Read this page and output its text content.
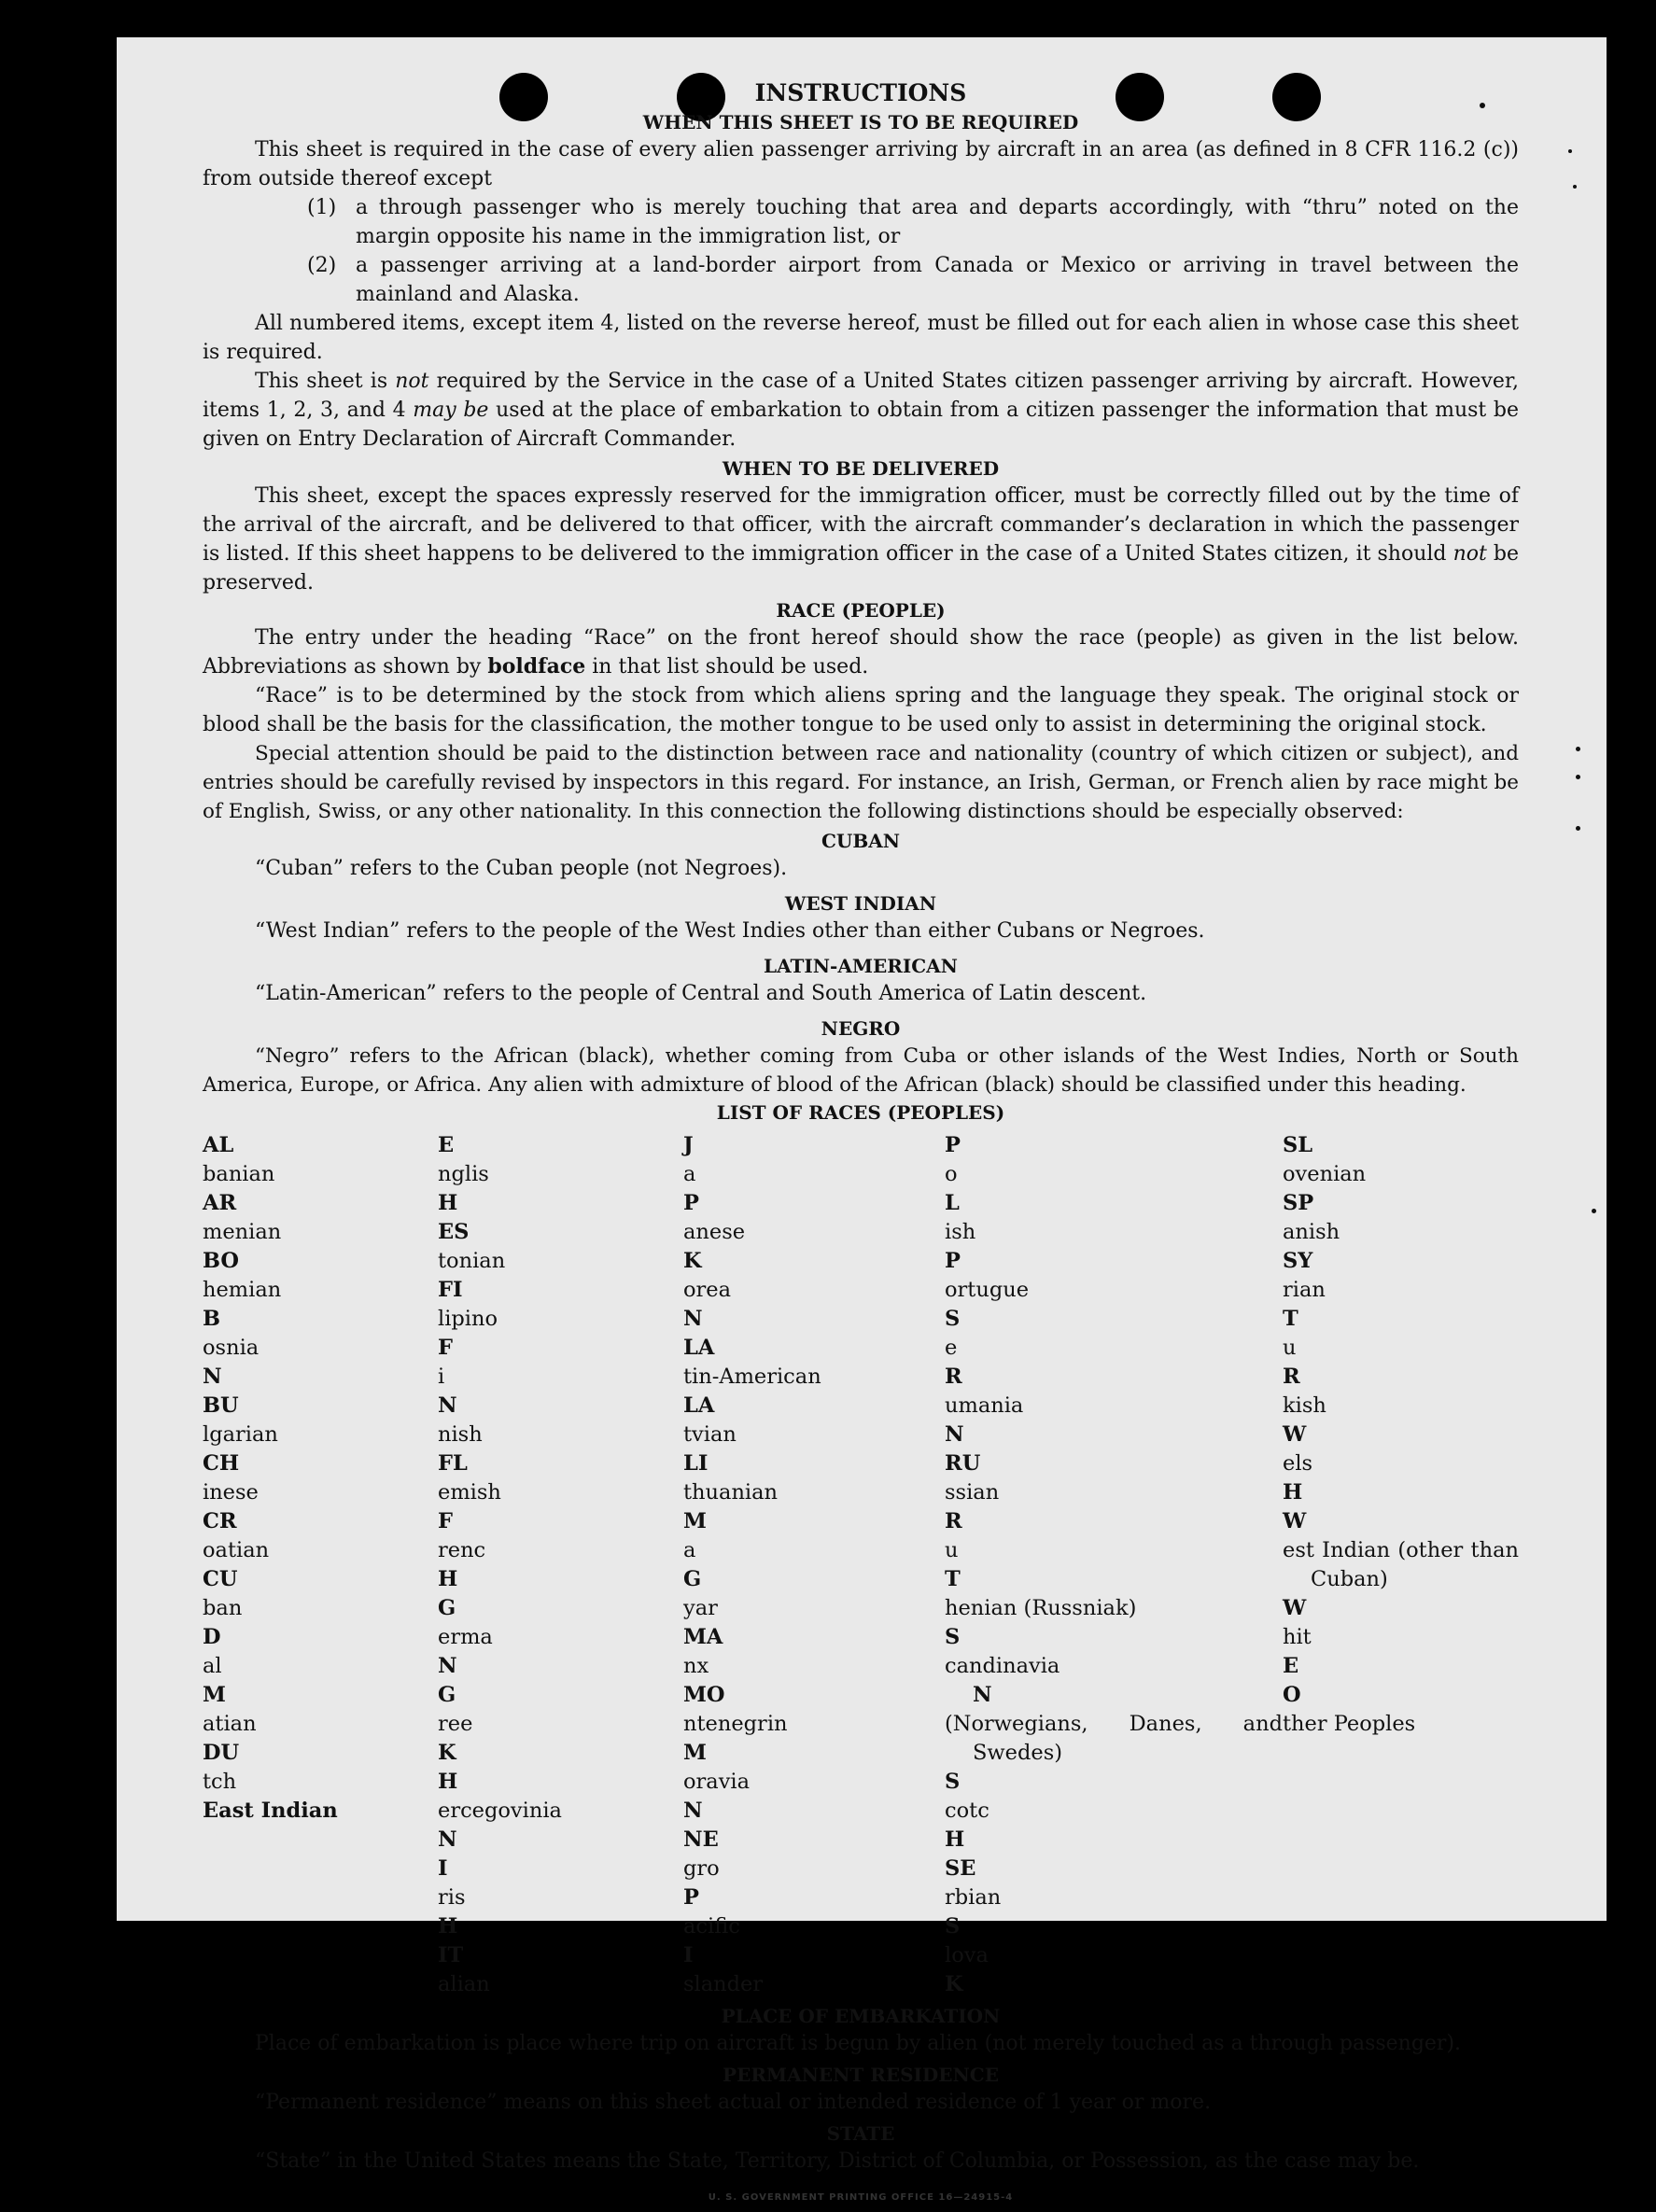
INSTRUCTIONS
WHEN THIS SHEET IS TO BE REQUIRED

This sheet is required in the case of every alien passenger arriving by aircraft in an area (as defined in 8 CFR 116.2 (c)) from outside thereof except

(1) a through passenger who is merely touching that area and departs accordingly, with “thru” noted on the margin opposite his name in the immigration list, or
(2) a passenger arriving at a land-border airport from Canada or Mexico or arriving in travel between the mainland and Alaska.

All numbered items, except item 4, listed on the reverse hereof, must be filled out for each alien in whose case this sheet is required.

This sheet is not required by the Service in the case of a United States citizen passenger arriving by aircraft. However, items 1, 2, 3, and 4 may be used at the place of embarkation to obtain from a citizen passenger the information that must be given on Entry Declaration of Aircraft Commander.

WHEN TO BE DELIVERED

This sheet, except the spaces expressly reserved for the immigration officer, must be correctly filled out by the time of the arrival of the aircraft, and be delivered to that officer, with the aircraft commander’s declaration in which the passenger is listed. If this sheet happens to be delivered to the immigration officer in the case of a United States citizen, it should not be preserved.

RACE (PEOPLE)

The entry under the heading “Race” on the front hereof should show the race (people) as given in the list below. Abbreviations as shown by boldface in that list should be used.

“Race” is to be determined by the stock from which aliens spring and the language they speak. The original stock or blood shall be the basis for the classification, the mother tongue to be used only to assist in determining the original stock.

Special attention should be paid to the distinction between race and nationality (country of which citizen or subject), and entries should be carefully revised by inspectors in this regard. For instance, an Irish, German, or French alien by race might be of English, Swiss, or any other nationality. In this connection the following distinctions should be especially observed:

CUBAN

“Cuban” refers to the Cuban people (not Negroes).

WEST INDIAN

“West Indian” refers to the people of the West Indies other than either Cubans or Negroes.

LATIN-AMERICAN

“Latin-American” refers to the people of Central and South America of Latin descent.

NEGRO

“Negro” refers to the African (black), whether coming from Cuba or other islands of the West Indies, North or South America, Europe, or Africa. Any alien with admixture of blood of the African (black) should be classified under this heading.

LIST OF RACES (PEOPLES)
AL
banian
AR
menian
BO
hemian
B
osnia
N
BU
lgarian
CH
inese
CR
oatian
CU
ban
D
al
M
atian
DU
tch
East Indian
E
nglis
H
ES
tonian
FI
lipino
F
i
N
nish
FL
emish
F
renc
H
G
erma
N
G
ree
K
H
ercegovinia
N
I
ris
H
IT
alian
J
a
P
anese
K
orea
N
LA
tin-American
LA
tvian
LI
thuanian
M
a
G
yar
MA
nx
MO
ntenegrin
M
oravia
N
NE
gro
P
acific
I
slander
P
o
L
ish
P
ortugue
S
e
R
umania
N
RU
ssian
R
u
T
henian (Russniak)
S
candinavia
N
(Norwegians, Danes, and Swedes)
S
cotc
H
SE
rbian
S
lova
K
SL
ovenian
SP
anish
SY
rian
T
u
R
kish
W
els
H
W
est Indian (other than Cuban)
W
hit
E
O
ther Peoples
PLACE OF EMBARKATION

Place of embarkation is place where trip on aircraft is begun by alien (not merely touched as a through passenger).

PERMANENT RESIDENCE

“Permanent residence” means on this sheet actual or intended residence of 1 year or more.

STATE

“State” in the United States means the State, Territory, District of Columbia, or Possession, as the case may be.

U. S. GOVERNMENT PRINTING OFFICE 16—24915-4
